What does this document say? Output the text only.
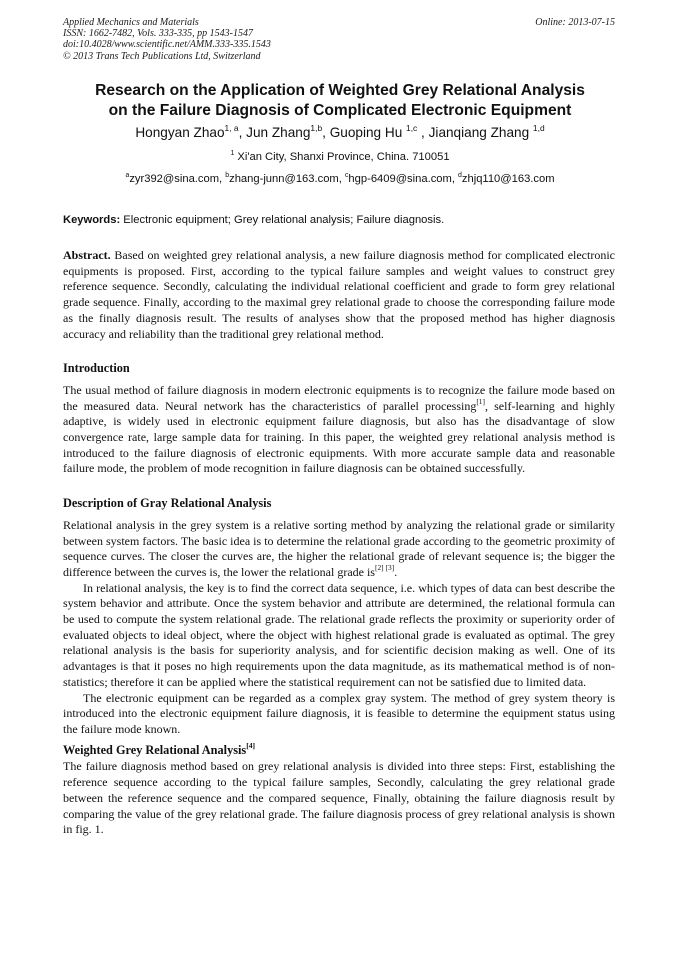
Applied Mechanics and Materials
ISSN: 1662-7482, Vols. 333-335, pp 1543-1547
doi:10.4028/www.scientific.net/AMM.333-335.1543
© 2013 Trans Tech Publications Ltd, Switzerland
Online: 2013-07-15
Research on the Application of Weighted Grey Relational Analysis
on the Failure Diagnosis of Complicated Electronic Equipment
Hongyan Zhao$^{1, a}$, Jun Zhang$^{1,b}$, Guoping Hu $^{1,c}$ , Jianqiang Zhang $^{1,d}$
$^1$ Xi'an City, Shanxi Province, China. 710051
$^a$zyr392@sina.com, $^b$zhang-junn@163.com, $^c$hgp-6409@sina.com, $^d$zhjq110@163.com
Keywords: Electronic equipment; Grey relational analysis; Failure diagnosis.

Abstract. Based on weighted grey relational analysis, a new failure diagnosis method for complicated electronic equipments is proposed. First, according to the typical failure samples and weight values to construct grey reference sequence. Secondly, calculating the individual relational coefficient and grade to form grey relational grade sequence. Finally, according to the maximal grey relational grade to choose the corresponding failure mode as the finally diagnosis result. The results of analyses show that the proposed method has higher diagnosis accuracy and reliability than the traditional grey relational method.

Introduction

The usual method of failure diagnosis in modern electronic equipments is to recognize the failure mode based on the measured data. Neural network has the characteristics of parallel processing[1], self-learning and highly adaptive, is widely used in electronic equipment failure diagnosis, but also has the disadvantage of slow convergence rate, large sample data for training. In this paper, the weighted grey relational analysis method is introduced to the failure diagnosis of electronic equipments. With more accurate sample data and reasonable failure mode, the problem of mode recognition in failure diagnosis can be obtained successfully.

Description of Gray Relational Analysis

Relational analysis in the grey system is a relative sorting method by analyzing the relational grade or similarity between system factors. The basic idea is to determine the relational grade according to the geometric proximity of sequence curves. The closer the curves are, the higher the relational grade of relevant sequence is; the bigger the difference between the curves is, the lower the relational grade is[2] [3].

In relational analysis, the key is to find the correct data sequence, i.e. which types of data can best describe the system behavior and attribute. Once the system behavior and attribute are determined, the relational formula can be used to compute the system relational grade. The relational grade reflects the proximity or superiority order of evaluated objects to ideal object, where the object with highest relational grade is evaluated as optimal. The grey relational analysis is the basis for superiority analysis, and for scientific decision making as well. One of its advantages is that it poses no high requirements upon the data magnitude, as its mathematical method is of non-statistics; therefore it can be applied where the statistical requirement can not be satisfied due to limited data.

The electronic equipment can be regarded as a complex gray system. The method of grey system theory is introduced into the electronic equipment failure diagnosis, it is feasible to determine the equipment status using the failure mode known.

Weighted Grey Relational Analysis[4]

The failure diagnosis method based on grey relational analysis is divided into three steps: First, establishing the reference sequence according to the typical failure samples, Secondly, calculating the grey relational grade between the reference sequence and the compared sequence, Finally, obtaining the failure diagnosis result by comparing the value of the grey relational grade. The failure diagnosis process of grey relational analysis is shown in fig. 1.
